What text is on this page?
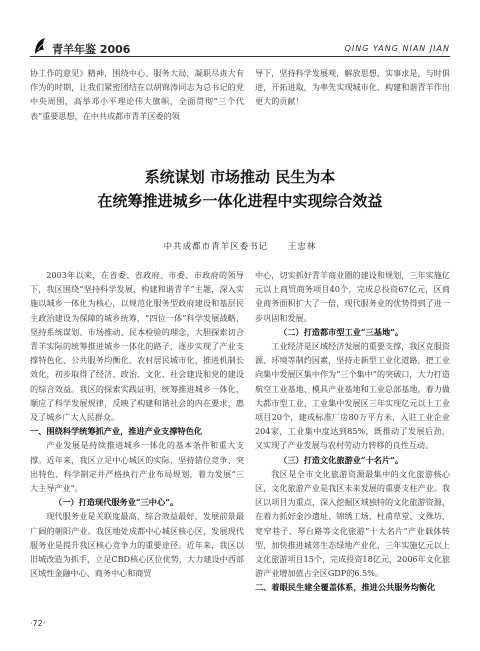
青羊年鉴 2006	QING YANG NIAN JIAN

协工作的意见》精神，围绕中心、服务大局，凝职尽责大有作为的时期，让我们紧密团结在以胡锦涛同志为总书记的党中央周围，高举邓小平理论伟大旗帜，全面贯彻“三个代表”重要思想，在中共成都市青羊区委的领

导下，坚持科学发展观，解放思想，实事求是，与时俱进，开拓进取，为率先实现城市化、构建和谐青羊作出更大的贡献！

系统谋划 市场推动 民生为本
在统筹推进城乡一体化进程中实现综合效益
中共成都市青羊区委书记 王忠林

2003年以来，在省委、省政府、市委、市政府的领导下，我区围绕“坚持科学发展，构建和谐青羊”主题，深入实施以城乡一体化为核心，以规范化服务型政府建设和基层民主政治建设为保障的城乡统筹，“四位一体”科学发展战略，坚持系统谋划、市场推动、民本检验的理念，大胆探索切合青羊实际的统筹推进城乡一体化的路子，逐步实现了产业支撑特色化、公共服务均衡化、农村居民城市化、推进机制长效化，初步取得了经济、政治、文化、社会建设和党的建设的综合效益。我区的探索实践证明，统筹推进城乡一体化，顺应了科学发展规律，反映了构建和谐社会的内在要求，惠及了城乡广大人民群众。

一、围绕科学统筹抓产业，推进产业支撑特色化

产业发展是持续推进城乡一体化的基本条件和重大支撑。近年来，我区立足中心城区的实际，坚持错位竞争、突出特色、科学制定并严格执行产业布局规划，着力发展“三大主导产业”。

（一）打造现代服务业“三中心”。

现代服务业是关联度最高，综合效益最好，发展前景最广阔的朝阳产业。我区地处成都中心城区核心区，发展现代服务业是提升我区核心竞争力的重要途径。近年来，我区以旧城改造为抓手，立足CBD核心区位优势，大力建设中西部区域性金融中心、商务中心和商贸

中心，切实抓好青羊商业圈的建设和规划，三年实施亿元以上商贸商务项目40个，完成总投资67亿元，区商业商务面积扩大了一倍，现代服务业的优势得到了进一步巩固和发展。

（二）打造都市型工业“三基地”。

工业经济是区域经济发展的重要支撑，我区克服资源、环境等制约因素，坚持走新型工业化道路，把工业向集中发展区集中作为“三个集中”的突破口，大力打造航空工业基地、模具产业基地和工业总部基地，着力做大都市型工业、工业集中发展区三年实现亿元以上工业项目20个，建成标准厂房80万平方米，入驻工业企业204家，工业集中度达到85%，既推动了发展后劲，又实现了产业发展与农村劳动力转移的良性互动。

（三）打造文化旅游业“十名片”。

我区是全市文化旅游资源最集中的文化旅游核心区，文化旅游产业是我区未来发展的重要支柱产业。我区以项目为重点，深入挖掘区域独特的文化旅游资源，在着力抓好金沙遗址、锦绣工场、杜甫草堂、文殊坊、宽窄巷子、琴台路等文化旅游“十大名片”产业载体转型，加快推进城郊生态绿地产业化，三年实施亿元以上文化旅游项目15个，完成投资18亿元，2006年文化旅游产业增加值占全区GDP的6.5%。

二、着眼民生建全覆盖体系，推进公共服务均衡化

·72·
